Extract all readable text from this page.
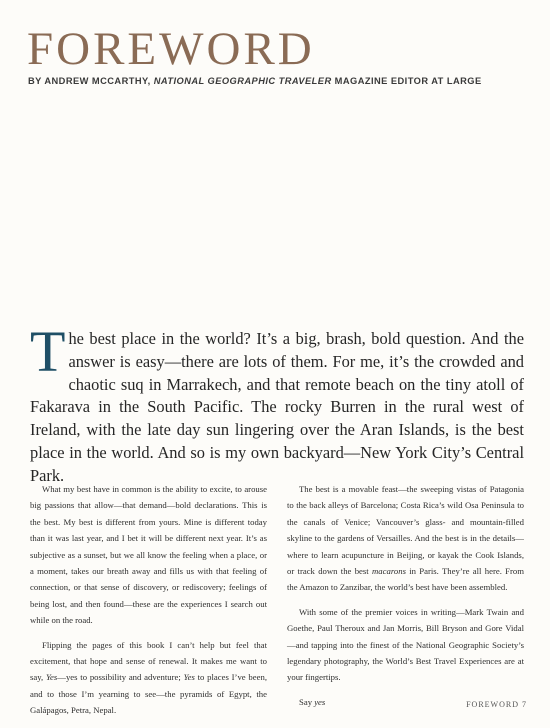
FOREWORD

BY ANDREW MCCARTHY, NATIONAL GEOGRAPHIC TRAVELER MAGAZINE EDITOR AT LARGE

The best place in the world? It’s a big, brash, bold question. And the answer is easy—there are lots of them. For me, it’s the crowded and chaotic suq in Marrakech, and that remote beach on the tiny atoll of Fakarava in the South Pacific. The rocky Burren in the rural west of Ireland, with the late day sun lingering over the Aran Islands, is the best place in the world. And so is my own backyard—New York City’s Central Park.

What my best have in common is the ability to excite, to arouse big passions that allow—that demand—bold declarations. This is the best. My best is different from yours. Mine is different today than it was last year, and I bet it will be different next year. It’s as subjective as a sunset, but we all know the feeling when a place, or a moment, takes our breath away and fills us with that feeling of connection, or that sense of discovery, or rediscovery; feelings of being lost, and then found—these are the experiences I search out while on the road.

Flipping the pages of this book I can’t help but feel that excitement, that hope and sense of renewal. It makes me want to say, Yes—yes to possibility and adventure; Yes to places I’ve been, and to those I’m yearning to see—the pyramids of Egypt, the Galápagos, Petra, Nepal.

The best is a movable feast—the sweeping vistas of Patagonia to the back alleys of Barcelona; Costa Rica’s wild Osa Peninsula to the canals of Venice; Vancouver’s glass- and mountain-filled skyline to the gardens of Versailles. And the best is in the details—where to learn acupuncture in Beijing, or kayak the Cook Islands, or track down the best macarons in Paris. They’re all here. From the Amazon to Zanzibar, the world’s best have been assembled.

With some of the premier voices in writing—Mark Twain and Goethe, Paul Theroux and Jan Morris, Bill Bryson and Gore Vidal—and tapping into the finest of the National Geographic Society’s legendary photography, the World’s Best Travel Experiences are at your fingertips.

Say yes	FOREWORD 7
